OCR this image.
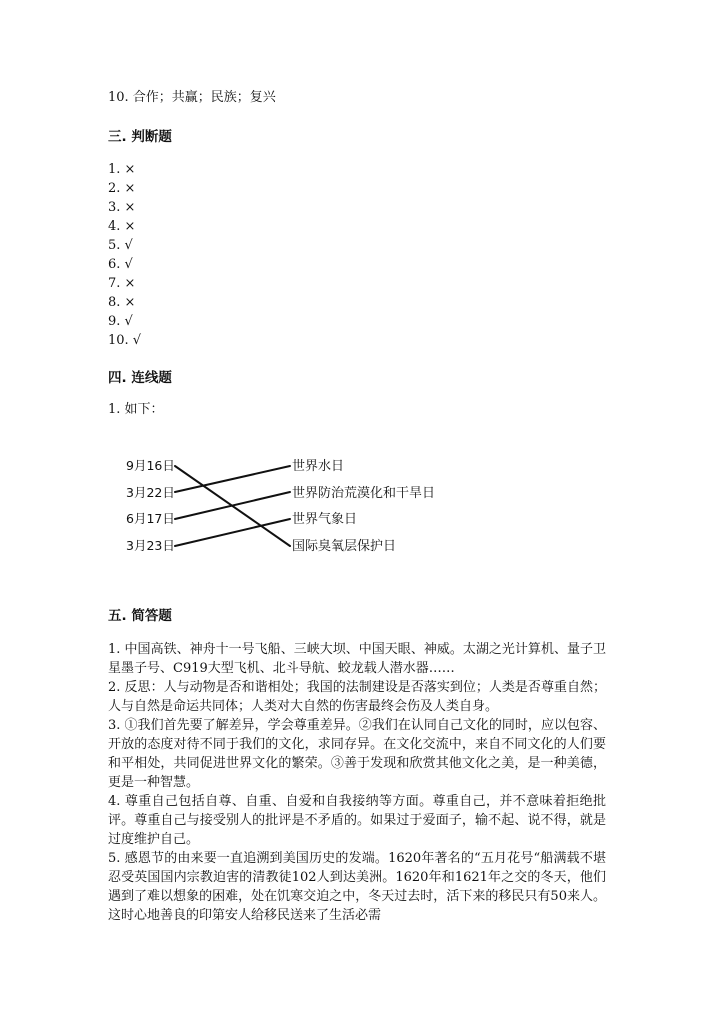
10. 合作；共赢；民族；复兴

三. 判断题
1. ×
2. ×
3. ×
4. ×
5. √
6. √
7. ×
8. ×
9. √
10. √
四. 连线题

1. 如下：

9月16日
3月22日
6月17日
3月23日
世界水日
世界防治荒漠化和干旱日
世界气象日
国际臭氧层保护日
五. 简答题

1. 中国高铁、神舟十一号飞船、三峡大坝、中国天眼、神威。太湖之光计算机、量子卫星墨子号、C919大型飞机、北斗导航、蛟龙载人潜水器……

2. 反思：人与动物是否和谐相处；我国的法制建设是否落实到位；人类是否尊重自然；人与自然是命运共同体；人类对大自然的伤害最终会伤及人类自身。

3. ①我们首先要了解差异，学会尊重差异。②我们在认同自己文化的同时，应以包容、开放的态度对待不同于我们的文化，求同存异。在文化交流中，来自不同文化的人们要和平相处，共同促进世界文化的繁荣。③善于发现和欣赏其他文化之美，是一种美德，更是一种智慧。

4. 尊重自己包括自尊、自重、自爱和自我接纳等方面。尊重自己，并不意味着拒绝批评。尊重自己与接受别人的批评是不矛盾的。如果过于爱面子，输不起、说不得，就是过度维护自己。

5. 感恩节的由来要一直追溯到美国历史的发端。1620年著名的“五月花号“船满载不堪忍受英国国内宗教迫害的清教徒102人到达美洲。1620年和1621年之交的冬天，他们遇到了难以想象的困难，处在饥寒交迫之中，冬天过去时，活下来的移民只有50来人。这时心地善良的印第安人给移民送来了生活必需
